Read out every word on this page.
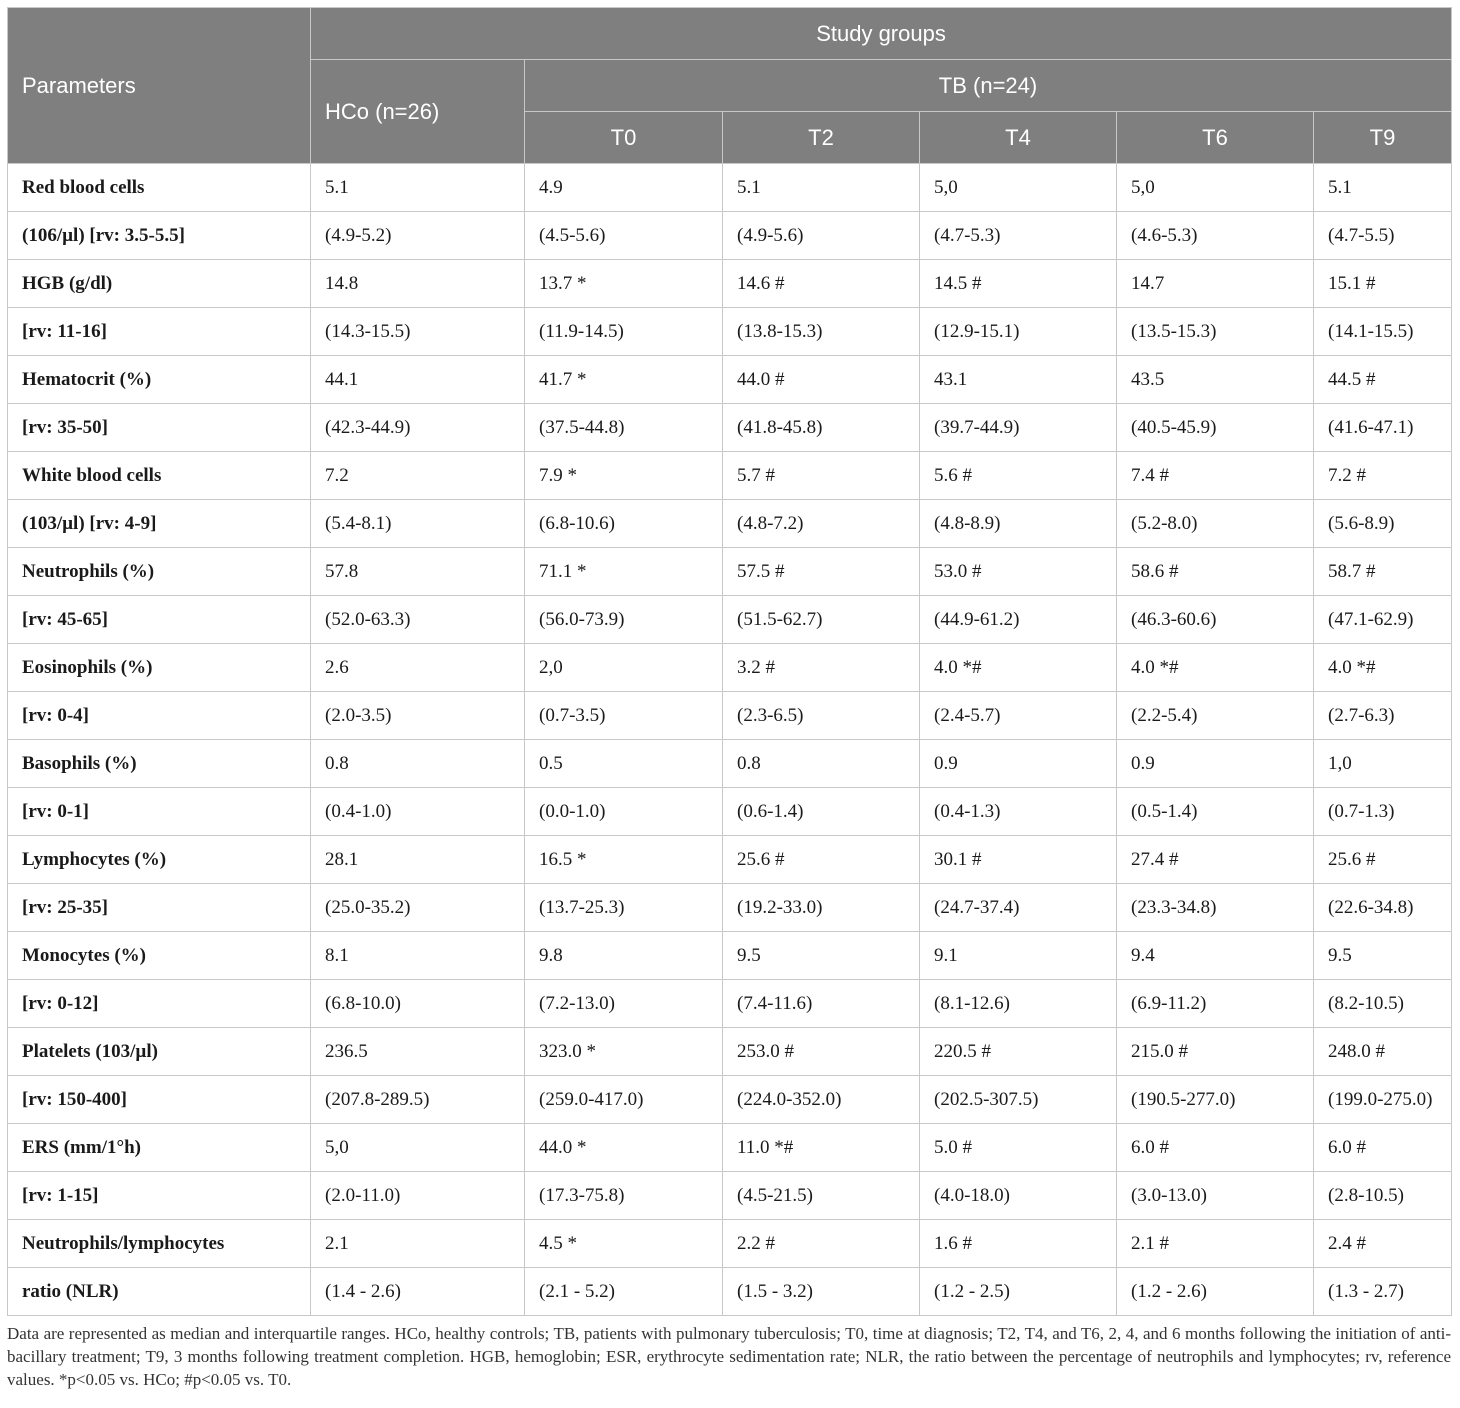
Parameters	Study groups					
	HCo (n=26)	TB (n=24)				
		T0	T2	T4	T6	T9
Red blood cells	5.1	4.9	5.1	5,0	5,0	5.1
(106/µl) [rv: 3.5-5.5]	(4.9-5.2)	(4.5-5.6)	(4.9-5.6)	(4.7-5.3)	(4.6-5.3)	(4.7-5.5)
HGB (g/dl)	14.8	13.7 *	14.6 #	14.5 #	14.7	15.1 #
[rv: 11-16]	(14.3-15.5)	(11.9-14.5)	(13.8-15.3)	(12.9-15.1)	(13.5-15.3)	(14.1-15.5)
Hematocrit (%)	44.1	41.7 *	44.0 #	43.1	43.5	44.5 #
[rv: 35-50]	(42.3-44.9)	(37.5-44.8)	(41.8-45.8)	(39.7-44.9)	(40.5-45.9)	(41.6-47.1)
White blood cells	7.2	7.9 *	5.7 #	5.6 #	7.4 #	7.2 #
(103/µl) [rv: 4-9]	(5.4-8.1)	(6.8-10.6)	(4.8-7.2)	(4.8-8.9)	(5.2-8.0)	(5.6-8.9)
Neutrophils (%)	57.8	71.1 *	57.5 #	53.0 #	58.6 #	58.7 #
[rv: 45-65]	(52.0-63.3)	(56.0-73.9)	(51.5-62.7)	(44.9-61.2)	(46.3-60.6)	(47.1-62.9)
Eosinophils (%)	2.6	2,0	3.2 #	4.0 *#	4.0 *#	4.0 *#
[rv: 0-4]	(2.0-3.5)	(0.7-3.5)	(2.3-6.5)	(2.4-5.7)	(2.2-5.4)	(2.7-6.3)
Basophils (%)	0.8	0.5	0.8	0.9	0.9	1,0
[rv: 0-1]	(0.4-1.0)	(0.0-1.0)	(0.6-1.4)	(0.4-1.3)	(0.5-1.4)	(0.7-1.3)
Lymphocytes (%)	28.1	16.5 *	25.6 #	30.1 #	27.4 #	25.6 #
[rv: 25-35]	(25.0-35.2)	(13.7-25.3)	(19.2-33.0)	(24.7-37.4)	(23.3-34.8)	(22.6-34.8)
Monocytes (%)	8.1	9.8	9.5	9.1	9.4	9.5
[rv: 0-12]	(6.8-10.0)	(7.2-13.0)	(7.4-11.6)	(8.1-12.6)	(6.9-11.2)	(8.2-10.5)
Platelets (103/µl)	236.5	323.0 *	253.0 #	220.5 #	215.0 #	248.0 #
[rv: 150-400]	(207.8-289.5)	(259.0-417.0)	(224.0-352.0)	(202.5-307.5)	(190.5-277.0)	(199.0-275.0)
ERS (mm/1°h)	5,0	44.0 *	11.0 *#	5.0 #	6.0 #	6.0 #
[rv: 1-15]	(2.0-11.0)	(17.3-75.8)	(4.5-21.5)	(4.0-18.0)	(3.0-13.0)	(2.8-10.5)
Neutrophils/lymphocytes	2.1	4.5 *	2.2 #	1.6 #	2.1 #	2.4 #
ratio (NLR)	(1.4 - 2.6)	(2.1 - 5.2)	(1.5 - 3.2)	(1.2 - 2.5)	(1.2 - 2.6)	(1.3 - 2.7)
Data are represented as median and interquartile ranges. HCo, healthy controls; TB, patients with pulmonary tuberculosis; T0, time at diagnosis; T2, T4, and T6, 2, 4, and 6 months following the initiation of anti-bacillary treatment; T9, 3 months following treatment completion. HGB, hemoglobin; ESR, erythrocyte sedimentation rate; NLR, the ratio between the percentage of neutrophils and lymphocytes; rv, reference values. *p<0.05 vs. HCo; #p<0.05 vs. T0.
